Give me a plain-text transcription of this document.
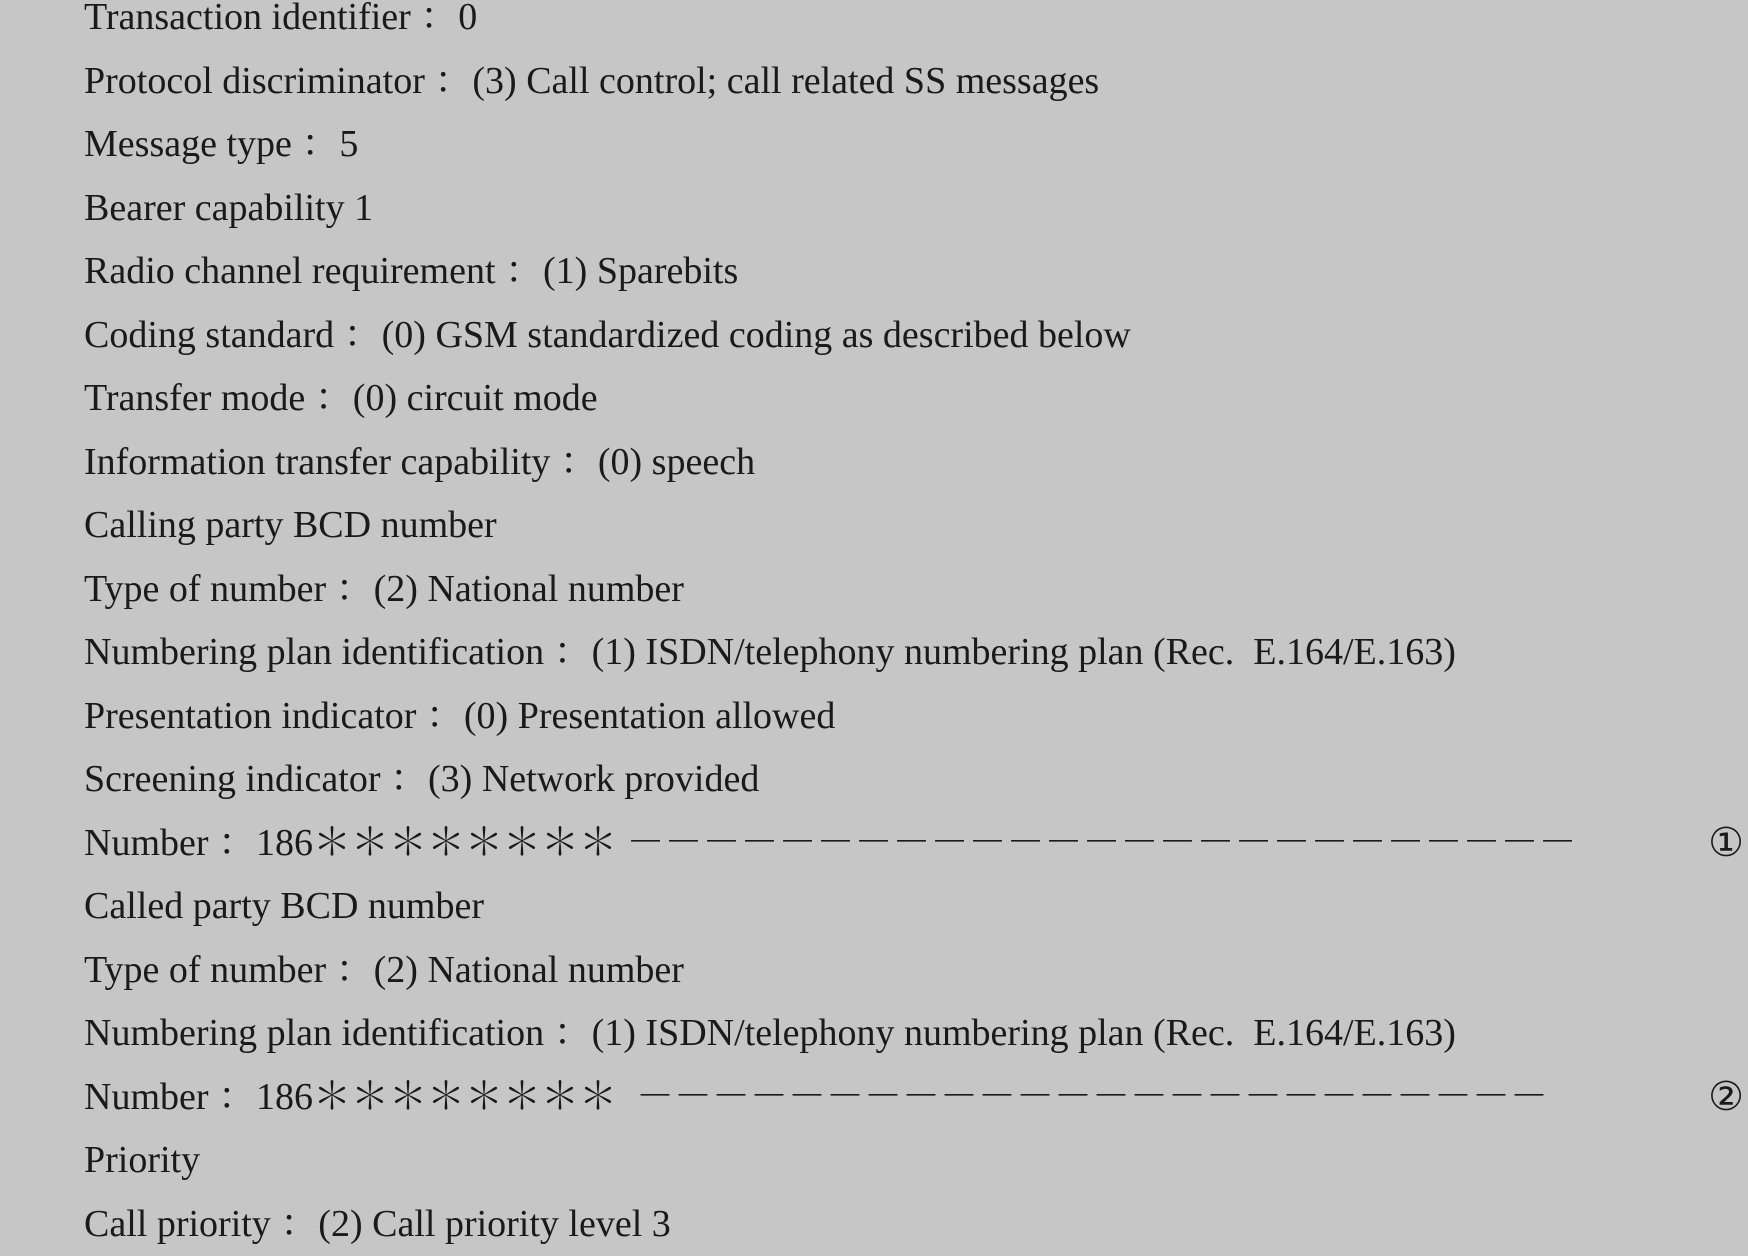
Transaction identifier ：0
Protocol discriminator ：(3) Call control; call related SS messages
Message type ：5
Bearer capability 1
Radio channel requirement ：(1) Sparebits
Coding standard ：(0) GSM standardized coding as described below
Transfer mode ：(0) circuit mode
Information transfer capability ：(0) speech
Calling party BCD number
Type of number ：(2) National number
Numbering plan identification ：(1) ISDN/telephony numbering plan (Rec.  E.164/E.163)
Presentation indicator ：(0) Presentation allowed
Screening indicator ：(3) Network provided
Number ：186＊＊＊＊＊＊＊＊ －－－－－－－－－－－－－－－－－－－－－－－－－	①
Called party BCD number
Type of number ：(2) National number
Numbering plan identification ：(1) ISDN/telephony numbering plan (Rec.  E.164/E.163)
Number ：186＊＊＊＊＊＊＊＊  －－－－－－－－－－－－－－－－－－－－－－－－	②
Priority
Call priority ：(2) Call priority level 3
